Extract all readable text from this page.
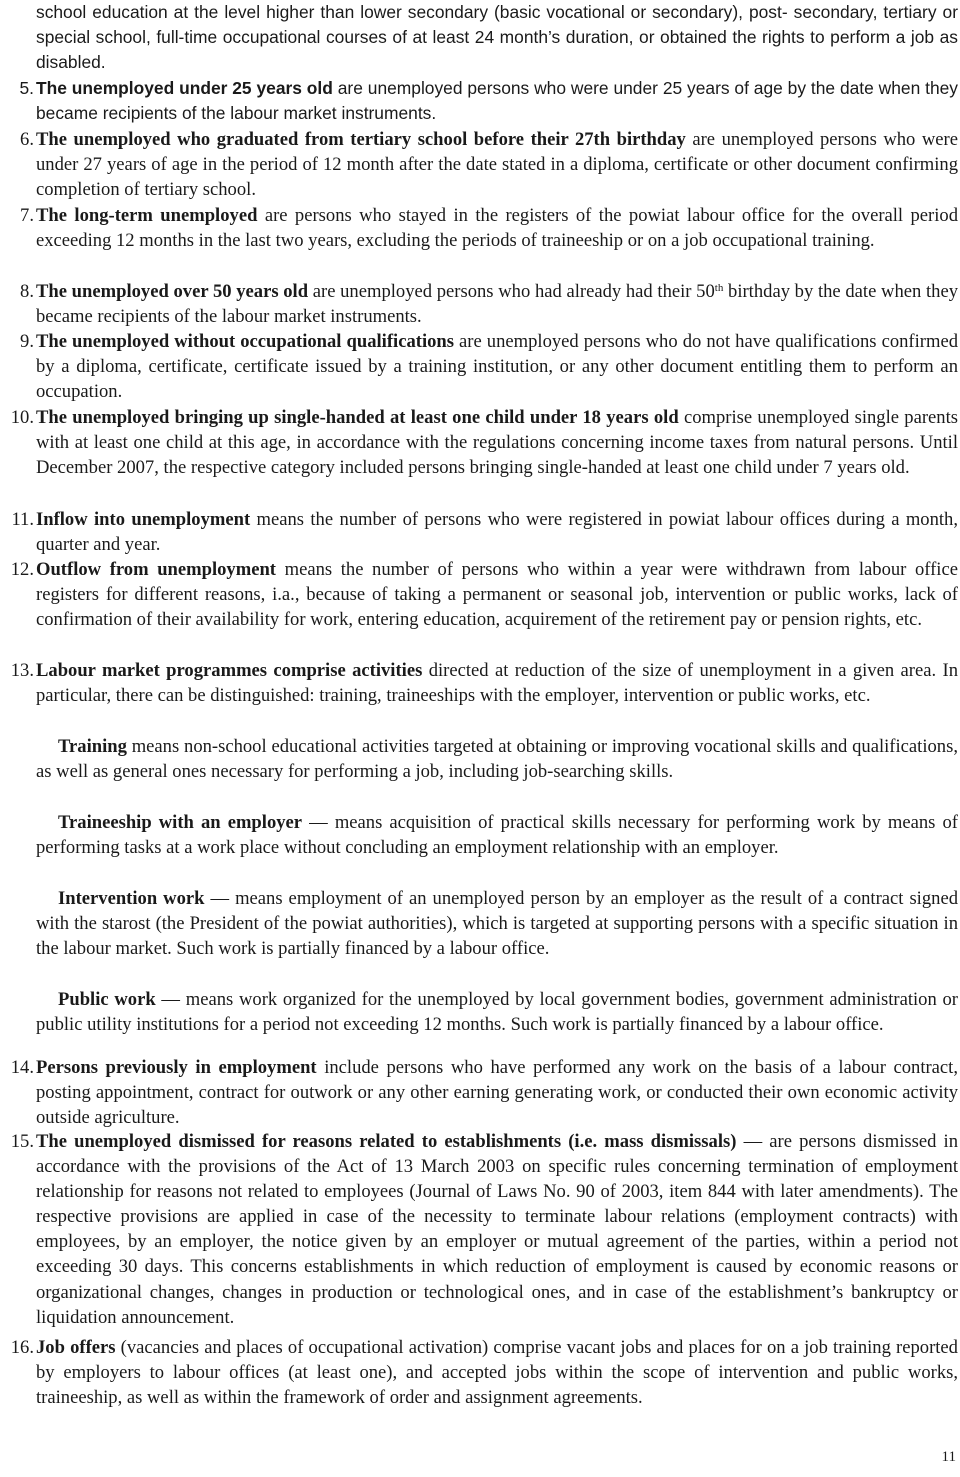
school education at the level higher than lower secondary (basic vocational or secondary), post- secondary, tertiary or special school, full-time occupational courses of at least 24 month’s duration, or obtained the rights to perform a job as disabled.
5. The unemployed under 25 years old are unemployed persons who were under 25 years of age by the date when they became recipients of the labour market instruments.
6. The unemployed who graduated from tertiary school before their 27th birthday are unemployed persons who were under 27 years of age in the period of 12 month after the date stated in a diploma, certificate or other document confirming completion of tertiary school.
7. The long-term unemployed are persons who stayed in the registers of the powiat labour office for the overall period exceeding 12 months in the last two years, excluding the periods of traineeship or on a job occupational training.
8. The unemployed over 50 years old are unemployed persons who had already had their 50th birthday by the date when they became recipients of the labour market instruments.
9. The unemployed without occupational qualifications are unemployed persons who do not have qualifications confirmed by a diploma, certificate, certificate issued by a training institution, or any other document entitling them to perform an occupation.
10. The unemployed bringing up single-handed at least one child under 18 years old comprise unemployed single parents with at least one child at this age, in accordance with the regulations concerning income taxes from natural persons. Until December 2007, the respective category included persons bringing single-handed at least one child under 7 years old.
11. Inflow into unemployment means the number of persons who were registered in powiat labour offices during a month, quarter and year.
12. Outflow from unemployment means the number of persons who within a year were withdrawn from labour office registers for different reasons, i.a., because of taking a permanent or seasonal job, intervention or public works, lack of confirmation of their availability for work, entering education, acquirement of the retirement pay or pension rights, etc.
13. Labour market programmes comprise activities directed at reduction of the size of unemployment in a given area. In particular, there can be distinguished: training, traineeships with the employer, intervention or public works, etc.
Training means non-school educational activities targeted at obtaining or improving vocational skills and qualifications, as well as general ones necessary for performing a job, including job-searching skills.
Traineeship with an employer — means acquisition of practical skills necessary for performing work by means of performing tasks at a work place without concluding an employment relationship with an employer.
Intervention work — means employment of an unemployed person by an employer as the result of a contract signed with the starost (the President of the powiat authorities), which is targeted at supporting persons with a specific situation in the labour market. Such work is partially financed by a labour office.
Public work — means work organized for the unemployed by local government bodies, government administration or public utility institutions for a period not exceeding 12 months. Such work is partially financed by a labour office.
14. Persons previously in employment include persons who have performed any work on the basis of a labour contract, posting appointment, contract for outwork or any other earning generating work, or conducted their own economic activity outside agriculture.
15. The unemployed dismissed for reasons related to establishments (i.e. mass dismissals) — are persons dismissed in accordance with the provisions of the Act of 13 March 2003 on specific rules concerning termination of employment relationship for reasons not related to employees (Journal of Laws No. 90 of 2003, item 844 with later amendments). The respective provisions are applied in case of the necessity to terminate labour relations (employment contracts) with employees, by an employer, the notice given by an employer or mutual agreement of the parties, within a period not exceeding 30 days. This concerns establishments in which reduction of employment is caused by economic reasons or organizational changes, changes in production or technological ones, and in case of the establishment’s bankruptcy or liquidation announcement.
16. Job offers (vacancies and places of occupational activation) comprise vacant jobs and places for on a job training reported by employers to labour offices (at least one), and accepted jobs within the scope of intervention and public works, traineeship, as well as within the framework of order and assignment agreements.
11
